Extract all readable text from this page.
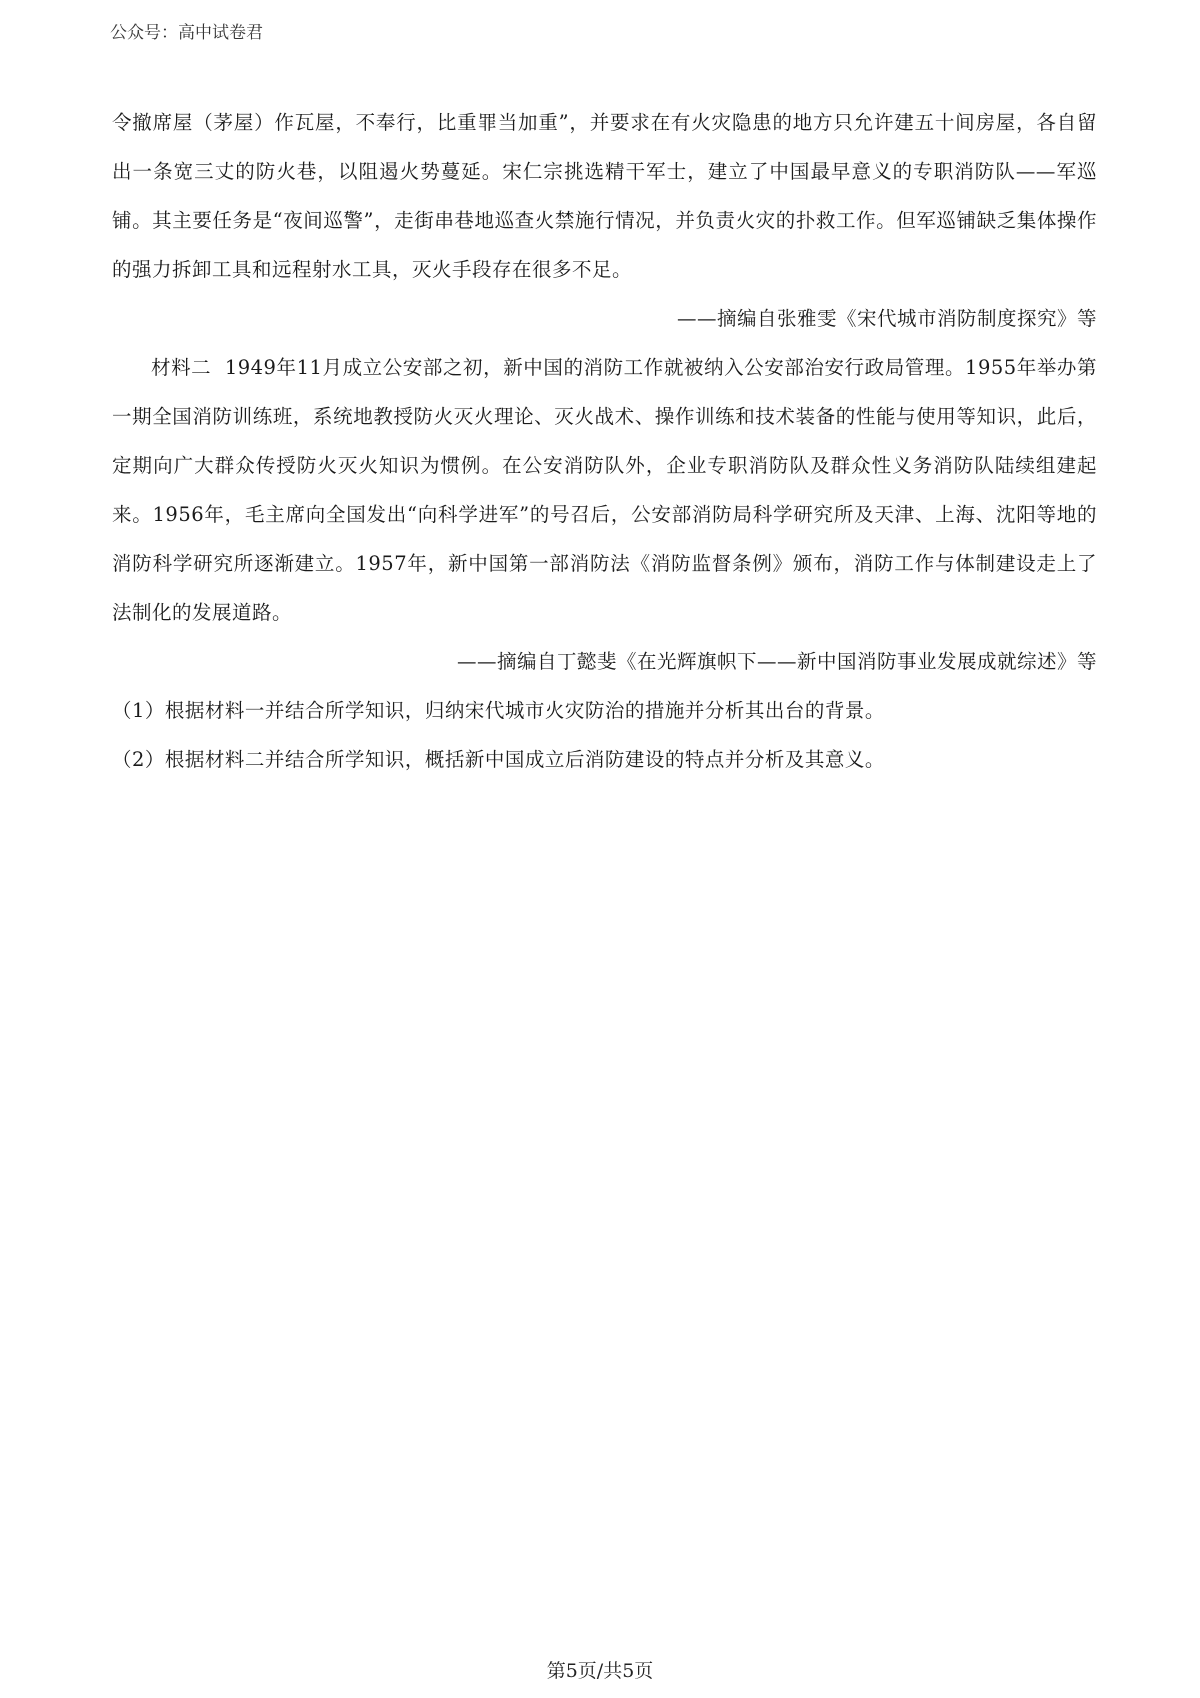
公众号：高中试卷君

令撤席屋（茅屋）作瓦屋，不奉行，比重罪当加重”，并要求在有火灾隐患的地方只允许建五十间房屋，各自留出一条宽三丈的防火巷，以阻遏火势蔓延。宋仁宗挑选精干军士，建立了中国最早意义的专职消防队——军巡铺。其主要任务是“夜间巡警”，走街串巷地巡查火禁施行情况，并负责火灾的扑救工作。但军巡铺缺乏集体操作的强力拆卸工具和远程射水工具，灭火手段存在很多不足。

——摘编自张雅雯《宋代城市消防制度探究》等

材料二 1949年11月成立公安部之初，新中国的消防工作就被纳入公安部治安行政局管理。1955年举办第一期全国消防训练班，系统地教授防火灭火理论、灭火战术、操作训练和技术装备的性能与使用等知识，此后，定期向广大群众传授防火灭火知识为惯例。在公安消防队外，企业专职消防队及群众性义务消防队陆续组建起来。1956年，毛主席向全国发出“向科学进军”的号召后，公安部消防局科学研究所及天津、上海、沈阳等地的消防科学研究所逐渐建立。1957年，新中国第一部消防法《消防监督条例》颁布，消防工作与体制建设走上了法制化的发展道路。

——摘编自丁懿斐《在光辉旗帜下——新中国消防事业发展成就综述》等

（1）根据材料一并结合所学知识，归纳宋代城市火灾防治的措施并分析其出台的背景。

（2）根据材料二并结合所学知识，概括新中国成立后消防建设的特点并分析及其意义。

第5页/共5页
